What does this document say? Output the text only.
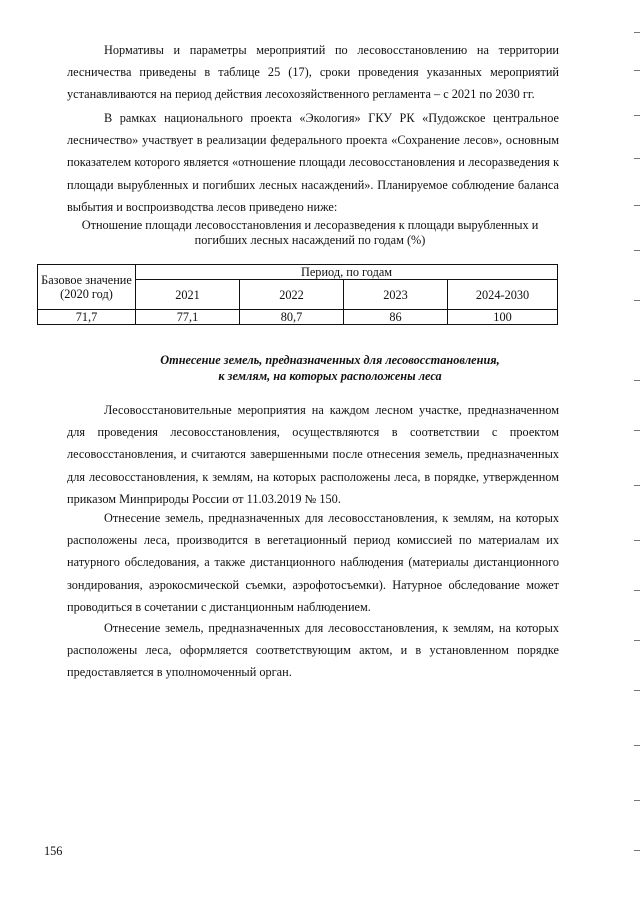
Нормативы и параметры мероприятий по лесовосстановлению на территории лесничества приведены в таблице 25 (17), сроки проведения указанных мероприятий устанавливаются на период действия лесохозяйственного регламента – с 2021 по 2030 гг.

В рамках национального проекта «Экология» ГКУ РК «Пудожское центральное лесничество» участвует в реализации федерального проекта «Сохранение лесов», основным показателем которого является «отношение площади лесовосстановления и лесоразведения к площади вырубленных и погибших лесных насаждений». Планируемое соблюдение баланса выбытия и воспроизводства лесов приведено ниже:

Отношение площади лесовосстановления и лесоразведения к площади вырубленных и погибших лесных насаждений по годам (%)

Базовое значение (2020 год)	Период, по годам			
	2021	2022	2023	2024-2030
71,7	77,1	80,7	86	100
Отнесение земель, предназначенных для лесовосстановления,
к землям, на которых расположены леса

Лесовосстановительные мероприятия на каждом лесном участке, предназначенном для проведения лесовосстановления, осуществляются в соответствии с проектом лесовосстановления, и считаются завершенными после отнесения земель, предназначенных для лесовосстановления, к землям, на которых расположены леса, в порядке, утвержденном приказом Минприроды России от 11.03.2019 № 150.

Отнесение земель, предназначенных для лесовосстановления, к землям, на которых расположены леса, производится в вегетационный период комиссией по материалам их натурного обследования, а также дистанционного наблюдения (материалы дистанционного зондирования, аэрокосмической съемки, аэрофотосъемки). Натурное обследование может проводиться в сочетании с дистанционным наблюдением.

Отнесение земель, предназначенных для лесовосстановления, к землям, на которых расположены леса, оформляется соответствующим актом, и в установленном порядке предоставляется в уполномоченный орган.

156
